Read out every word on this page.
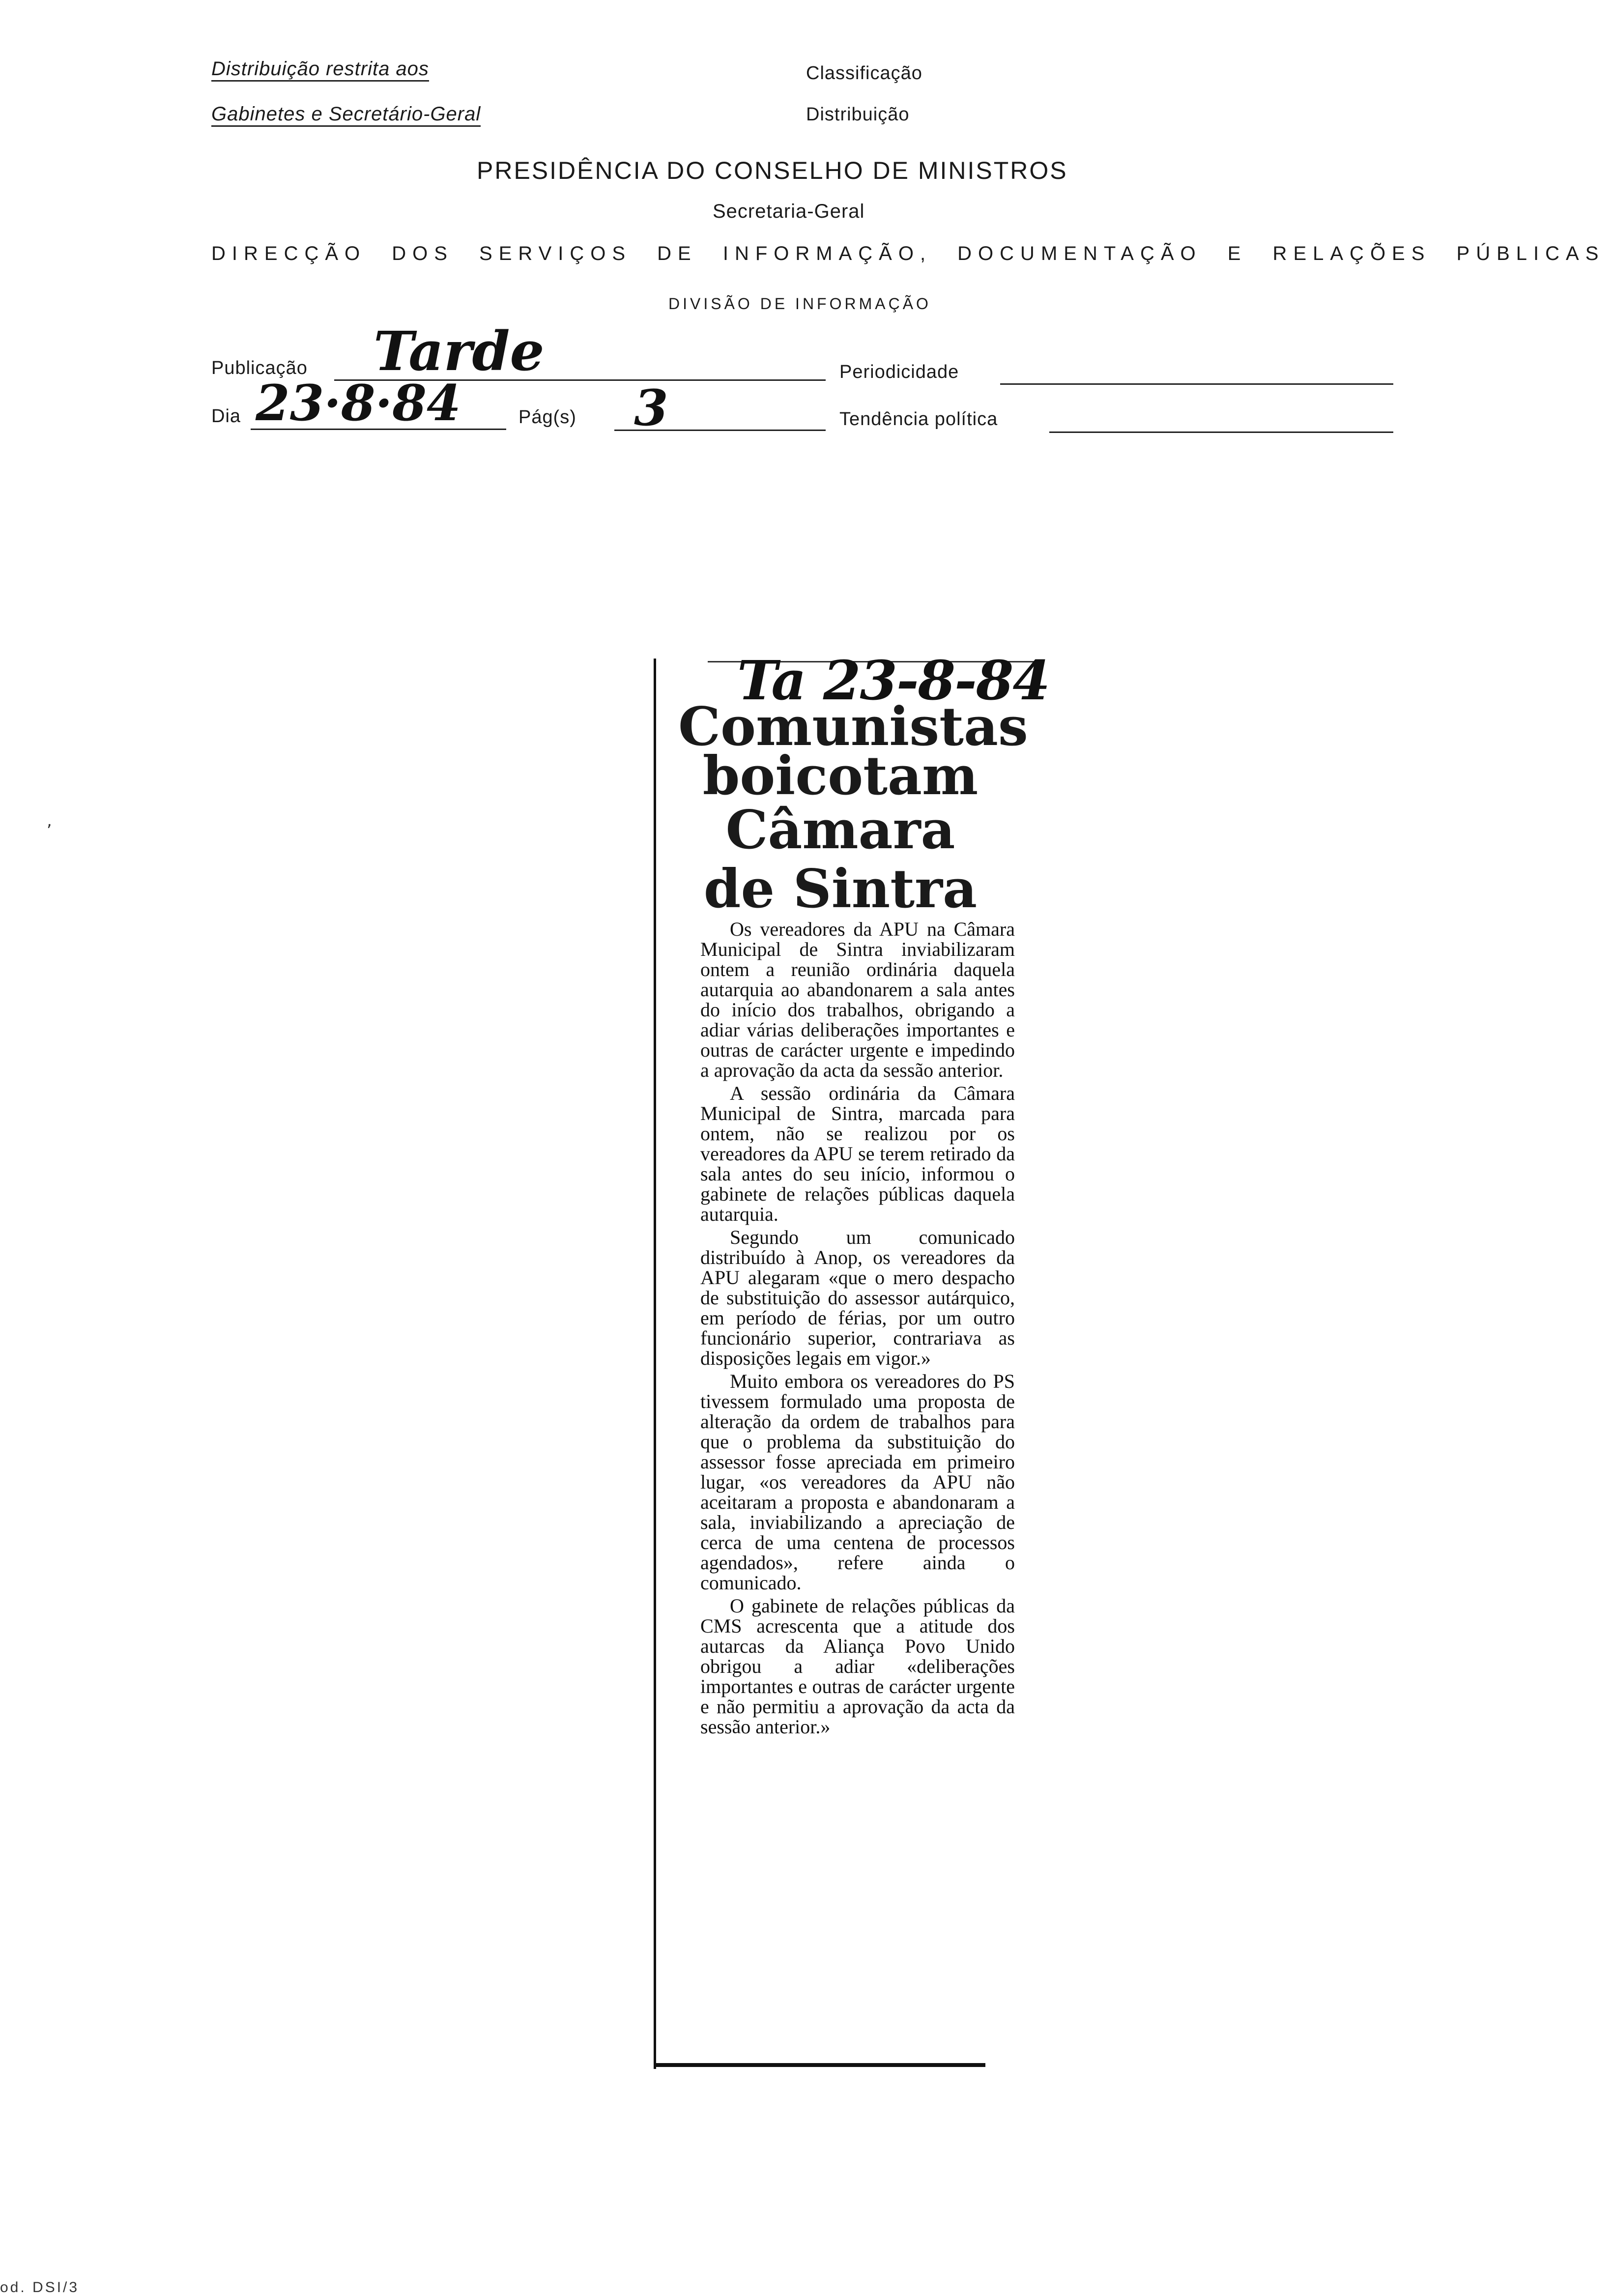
Distribuição restrita aos
Gabinetes e Secretário-Geral
Classificação
Distribuição
PRESIDÊNCIA DO CONSELHO DE MINISTROS
Secretaria-Geral
DIRECÇÃO DOS SERVIÇOS DE INFORMAÇÃO, DOCUMENTAÇÃO E RELAÇÕES PÚBLICAS
DIVISÃO DE INFORMAÇÃO
Publicação Tarde	Periodicidade
Dia 23·8·84	Pág(s) 3	Tendência política
,
Comunistas
Ta 23-8-84
boicotam
Câmara
de Sintra

Os vereadores da APU na Câmara Municipal de Sintra inviabilizaram ontem a reunião ordinária daquela autarquia ao abandonarem a sala antes do início dos trabalhos, obrigando a adiar várias deliberações importantes e outras de carácter urgente e impedindo a aprovação da acta da sessão anterior.

A sessão ordinária da Câmara Municipal de Sintra, marcada para ontem, não se realizou por os vereadores da APU se terem retirado da sala antes do seu início, informou o gabinete de relações públicas daquela autarquia.

Segundo um comunicado distribuído à Anop, os vereadores da APU alegaram «que o mero despacho de substituição do assessor autárquico, em período de férias, por um outro funcionário superior, contrariava as disposições legais em vigor.»

Muito embora os vereadores do PS tivessem formulado uma proposta de alteração da ordem de trabalhos para que o problema da substituição do assessor fosse apreciada em primeiro lugar, «os vereadores da APU não aceitaram a proposta e abandonaram a sala, inviabilizando a apreciação de cerca de uma centena de processos agendados», refere ainda o comunicado.

O gabinete de relações públicas da CMS acrescenta que a atitude dos autarcas da Aliança Povo Unido obrigou a adiar «deliberações importantes e outras de carácter urgente e não permitiu a aprovação da acta da sessão anterior.»

od. DSI/3
